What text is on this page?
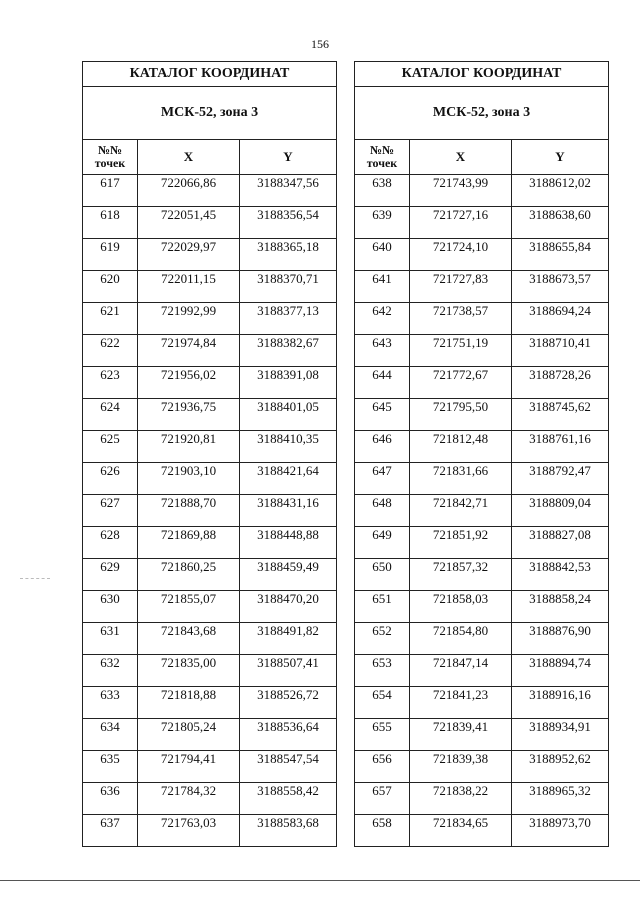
156
КАТАЛОГ КООРДИНАТ		
МСК-52, зона 3		

№№
точек	X	Y
617	722066,86	3188347,56
618	722051,45	3188356,54
619	722029,97	3188365,18
620	722011,15	3188370,71
621	721992,99	3188377,13
622	721974,84	3188382,67
623	721956,02	3188391,08
624	721936,75	3188401,05
625	721920,81	3188410,35
626	721903,10	3188421,64
627	721888,70	3188431,16
628	721869,88	3188448,88
629	721860,25	3188459,49
630	721855,07	3188470,20
631	721843,68	3188491,82
632	721835,00	3188507,41
633	721818,88	3188526,72
634	721805,24	3188536,64
635	721794,41	3188547,54
636	721784,32	3188558,42
637	721763,03	3188583,68
КАТАЛОГ КООРДИНАТ		
МСК-52, зона 3		

№№
точек	X	Y
638	721743,99	3188612,02
639	721727,16	3188638,60
640	721724,10	3188655,84
641	721727,83	3188673,57
642	721738,57	3188694,24
643	721751,19	3188710,41
644	721772,67	3188728,26
645	721795,50	3188745,62
646	721812,48	3188761,16
647	721831,66	3188792,47
648	721842,71	3188809,04
649	721851,92	3188827,08
650	721857,32	3188842,53
651	721858,03	3188858,24
652	721854,80	3188876,90
653	721847,14	3188894,74
654	721841,23	3188916,16
655	721839,41	3188934,91
656	721839,38	3188952,62
657	721838,22	3188965,32
658	721834,65	3188973,70
